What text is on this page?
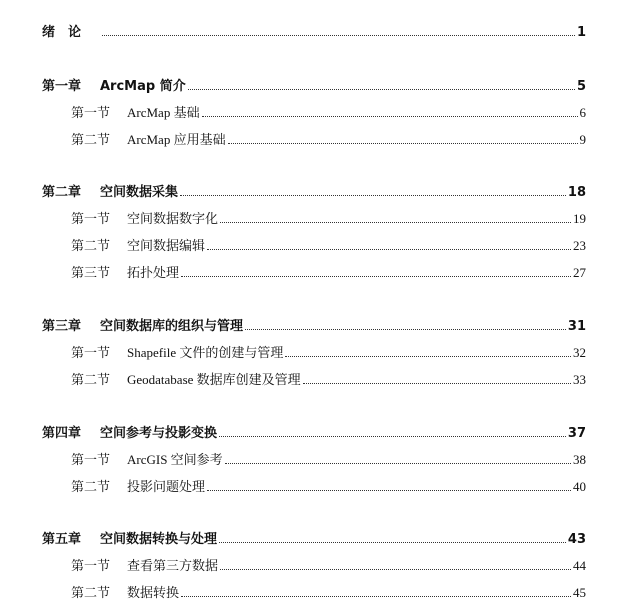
绪　论	1
第一章	ArcMap 简介	5
第一节	ArcMap 基础	6
第二节	ArcMap 应用基础	9
第二章	空间数据采集	18
第一节	空间数据数字化	19
第二节	空间数据编辑	23
第三节	拓扑处理	27
第三章	空间数据库的组织与管理	31
第一节	Shapefile 文件的创建与管理	32
第二节	Geodatabase 数据库创建及管理	33
第四章	空间参考与投影变换	37
第一节	ArcGIS 空间参考	38
第二节	投影问题处理	40
第五章	空间数据转换与处理	43
第一节	查看第三方数据	44
第二节	数据转换	45
